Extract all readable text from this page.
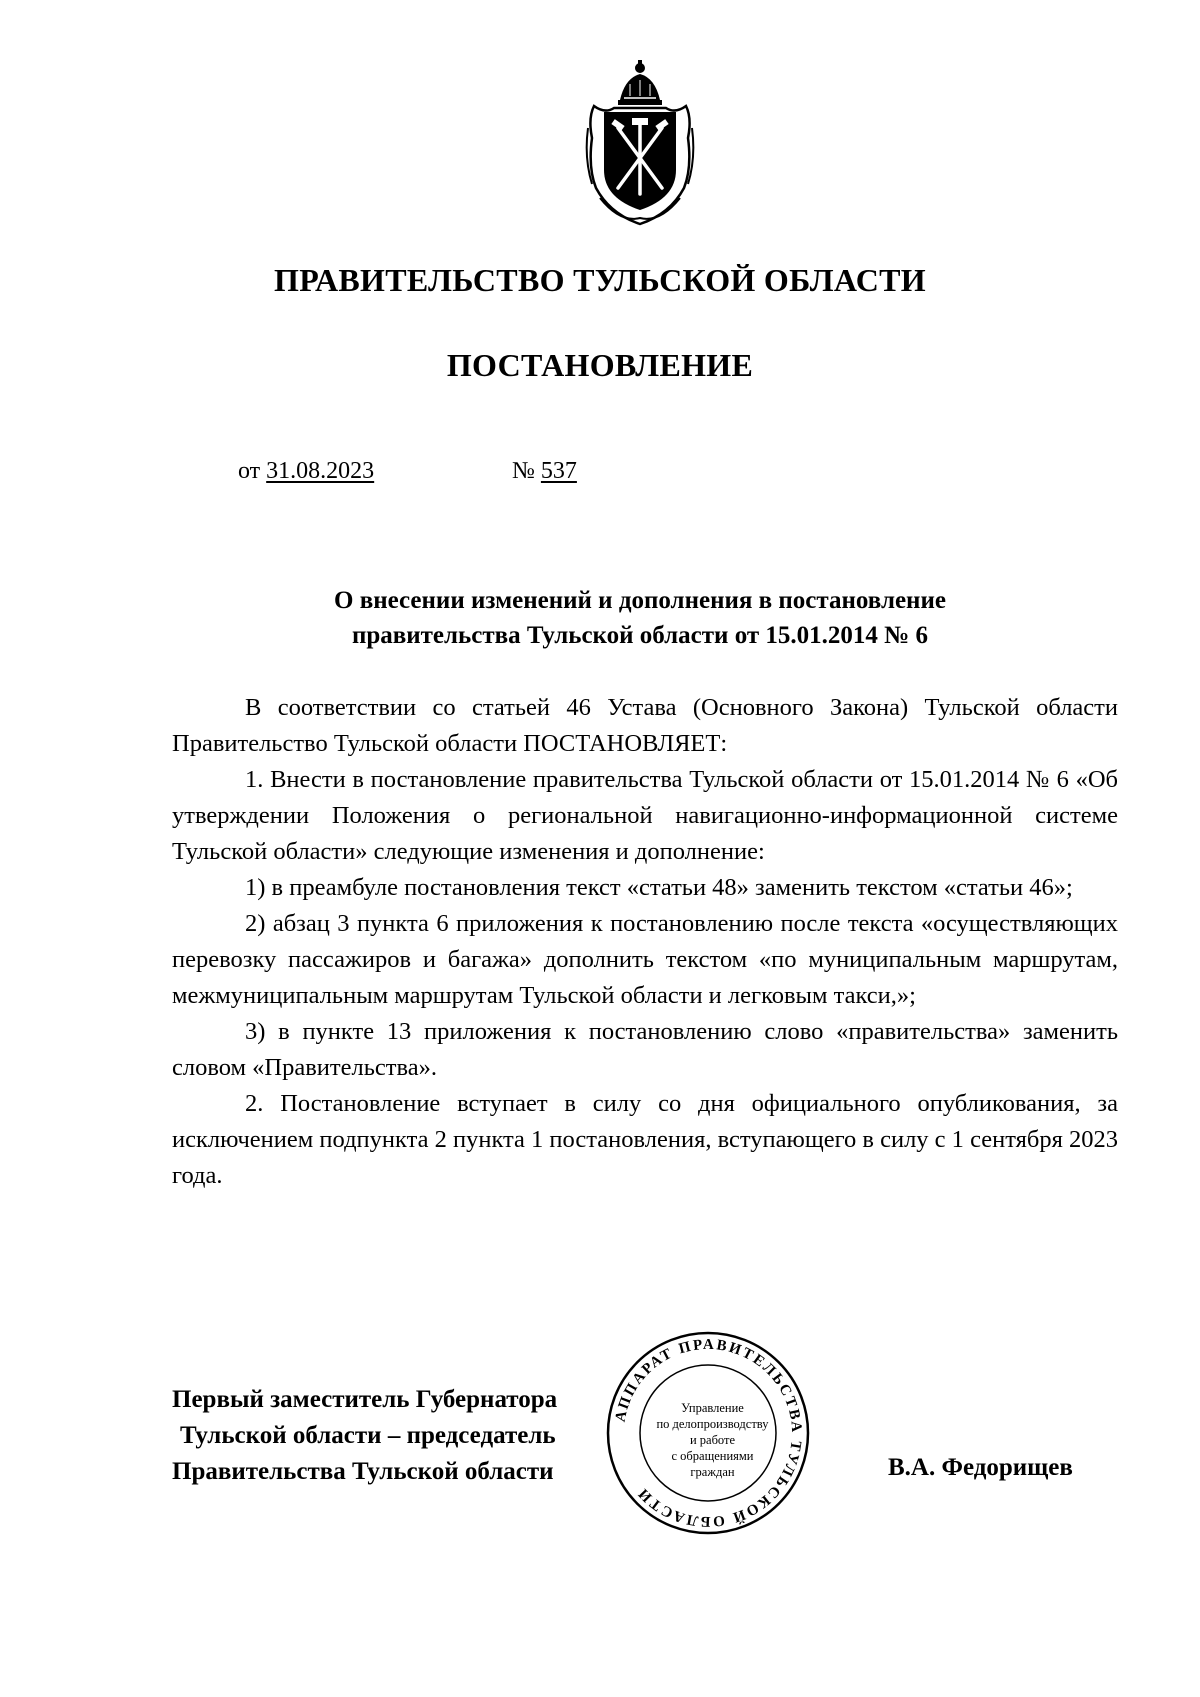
ПРАВИТЕЛЬСТВО ТУЛЬСКОЙ ОБЛАСТИ
ПОСТАНОВЛЕНИЕ
от 31.08.2023	№ 537
О внесении изменений и дополнения в постановление
правительства Тульской области от 15.01.2014 № 6

В соответствии со статьей 46 Устава (Основного Закона) Тульской области Правительство Тульской области ПОСТАНОВЛЯЕТ:

1. Внести в постановление правительства Тульской области от 15.01.2014 № 6 «Об утверждении Положения о региональной навигационно-информационной системе Тульской области» следующие изменения и дополнение:

1) в преамбуле постановления текст «статьи 48» заменить текстом «статьи 46»;

2) абзац 3 пункта 6 приложения к постановлению после текста «осуществляющих перевозку пассажиров и багажа» дополнить текстом «по муниципальным маршрутам, межмуниципальным маршрутам Тульской области и легковым такси,»;

3) в пункте 13 приложения к постановлению слово «правительства» заменить словом «Правительства».

2. Постановление вступает в силу со дня официального опубликования, за исключением подпункта 2 пункта 1 постановления, вступающего в силу с 1 сентября 2023 года.

Первый заместитель Губернатора
Тульской области – председатель
Правительства Тульской области
АППАРАТ ПРАВИТЕЛЬСТВА ТУЛЬСКОЙ ОБЛАСТИ
Управление
по делопроизводству
и работе
с обращениями
граждан	В.А. Федорищев
